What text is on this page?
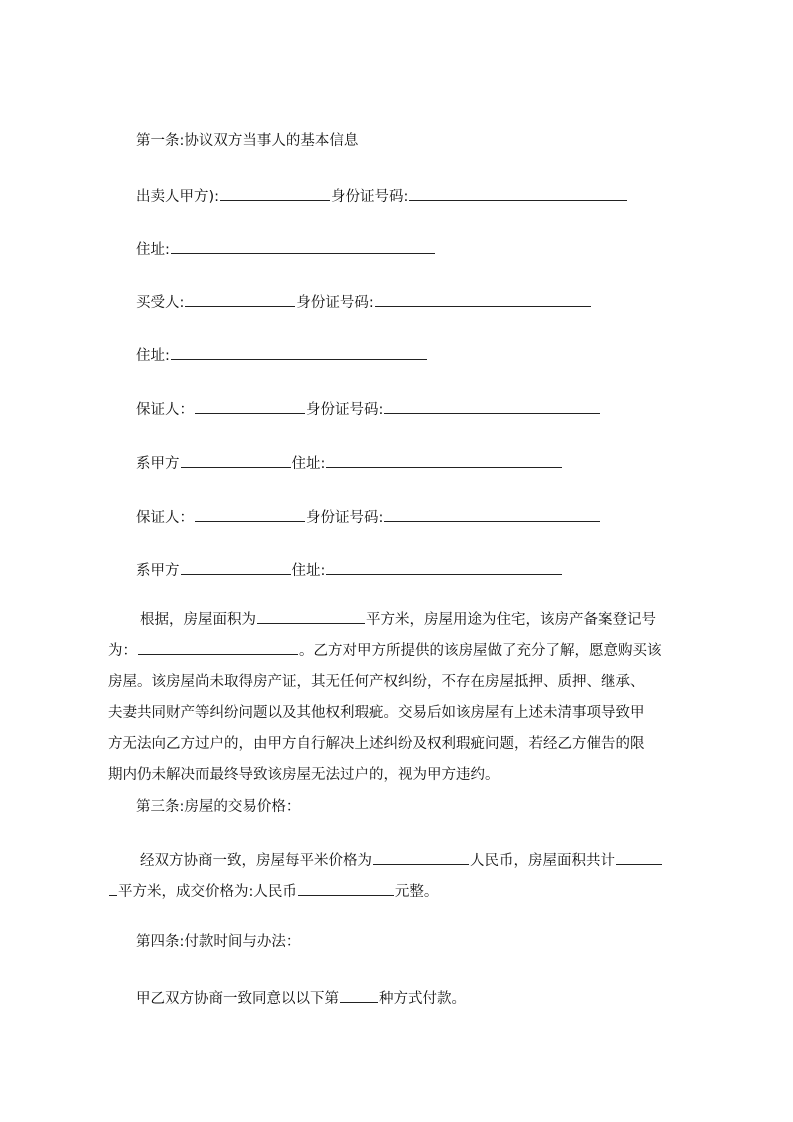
第一条:协议双方当事人的基本信息
出卖人甲方):	身份证号码:
住址:
买受人:	身份证号码:
住址:
保证人：	身份证号码:
系甲方	住址:
保证人：	身份证号码:
系甲方	住址:
根据，房屋面积为	平方米，房屋用途为住宅，该房产备案登记号
为：	。乙方对甲方所提供的该房屋做了充分了解，愿意购买该
房屋。该房屋尚未取得房产证，其无任何产权纠纷，不存在房屋抵押、质押、继承、
夫妻共同财产等纠纷问题以及其他权利瑕疵。交易后如该房屋有上述未清事项导致甲
方无法向乙方过户的，由甲方自行解决上述纠纷及权利瑕疵问题，若经乙方催告的限
期内仍未解决而最终导致该房屋无法过户的，视为甲方违约。
第三条:房屋的交易价格：
经双方协商一致，房屋每平米价格为	人民币，房屋面积共计
平方米，成交价格为:人民币	元整。
第四条:付款时间与办法：
甲乙双方协商一致同意以以下第	种方式付款。
